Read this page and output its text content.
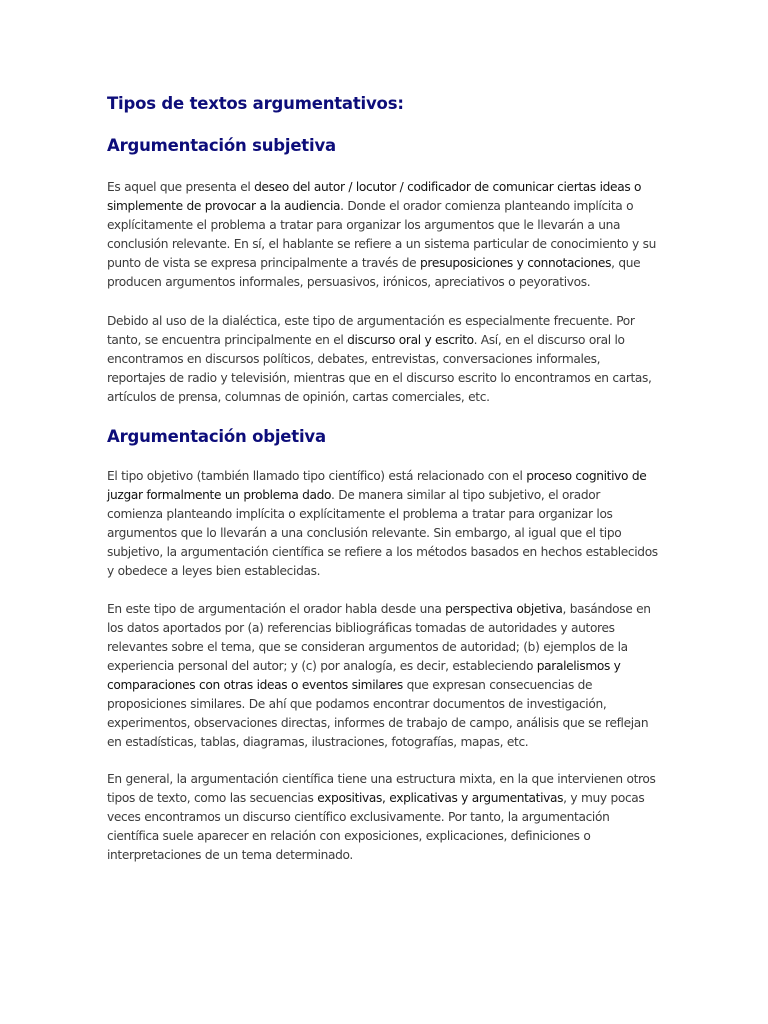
Tipos de textos argumentativos:
Argumentación subjetiva

Es aquel que presenta el deseo del autor / locutor / codificador de comunicar ciertas ideas o simplemente de provocar a la audiencia. Donde el orador comienza planteando implícita o explícitamente el problema a tratar para organizar los argumentos que le llevarán a una conclusión relevante. En sí, el hablante se refiere a un sistema particular de conocimiento y su punto de vista se expresa principalmente a través de presuposiciones y connotaciones, que producen argumentos informales, persuasivos, irónicos, apreciativos o peyorativos.

Debido al uso de la dialéctica, este tipo de argumentación es especialmente frecuente. Por tanto, se encuentra principalmente en el discurso oral y escrito. Así, en el discurso oral lo encontramos en discursos políticos, debates, entrevistas, conversaciones informales, reportajes de radio y televisión, mientras que en el discurso escrito lo encontramos en cartas, artículos de prensa, columnas de opinión, cartas comerciales, etc.

Argumentación objetiva

El tipo objetivo (también llamado tipo científico) está relacionado con el proceso cognitivo de juzgar formalmente un problema dado. De manera similar al tipo subjetivo, el orador comienza planteando implícita o explícitamente el problema a tratar para organizar los argumentos que lo llevarán a una conclusión relevante. Sin embargo, al igual que el tipo subjetivo, la argumentación científica se refiere a los métodos basados en hechos establecidos y obedece a leyes bien establecidas.

En este tipo de argumentación el orador habla desde una perspectiva objetiva, basándose en los datos aportados por (a) referencias bibliográficas tomadas de autoridades y autores relevantes sobre el tema, que se consideran argumentos de autoridad; (b) ejemplos de la experiencia personal del autor; y (c) por analogía, es decir, estableciendo paralelismos y comparaciones con otras ideas o eventos similares que expresan consecuencias de proposiciones similares. De ahí que podamos encontrar documentos de investigación, experimentos, observaciones directas, informes de trabajo de campo, análisis que se reflejan en estadísticas, tablas, diagramas, ilustraciones, fotografías, mapas, etc.

En general, la argumentación científica tiene una estructura mixta, en la que intervienen otros tipos de texto, como las secuencias expositivas, explicativas y argumentativas, y muy pocas veces encontramos un discurso científico exclusivamente. Por tanto, la argumentación científica suele aparecer en relación con exposiciones, explicaciones, definiciones o interpretaciones de un tema determinado.
